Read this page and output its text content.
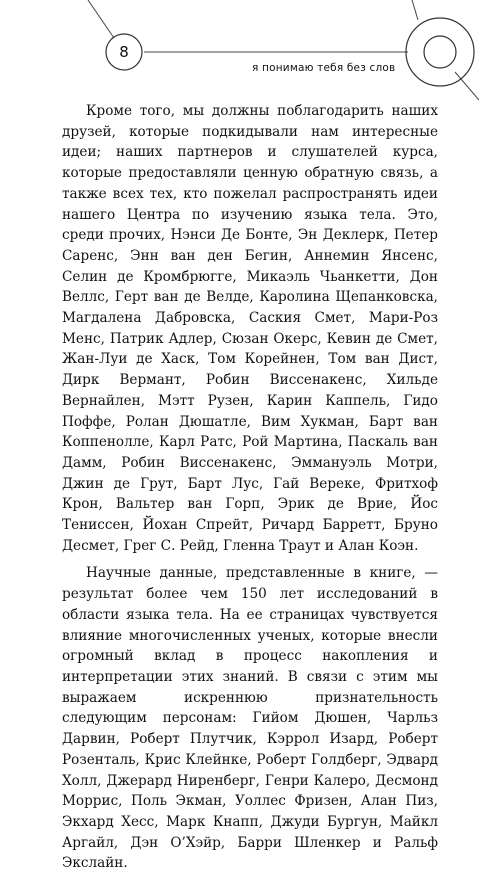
8
я понимаю тебя без слов

Кроме того, мы должны поблагодарить наших друзей, которые подкидывали нам интересные идеи; наших партнеров и слушателей курса, которые предоставляли ценную обратную связь, а также всех тех, кто пожелал распространять идеи нашего Центра по изучению языка тела. Это, среди прочих, Нэнси Де Бонте, Эн Деклерк, Петер Саренс, Энн ван ден Бегин, Аннемин Янсенс, Селин де Кромбрюгге, Микаэль Чьанкетти, Дон Веллс, Герт ван де Велде, Каролина Щепанковска, Магдалена Дабровска, Саския Смет, Мари-Роз Менс, Патрик Адлер, Сюзан Окерс, Кевин де Смет, Жан-Луи де Хаск, Том Корейнен, Том ван Дист, Дирк Вермант, Робин Виссенакенс, Хильде Вернайлен, Мэтт Рузен, Карин Каппель, Гидо Поффе, Ролан Дюшатле, Вим Хукман, Барт ван Коппенолле, Карл Ратс, Рой Мартина, Паскаль ван Дамм, Робин Виссенакенс, Эммануэль Мотри, Джин де Грут, Барт Лус, Гай Вереке, Фритхоф Крон, Вальтер ван Горп, Эрик де Врие, Йос Тениссен, Йохан Спрейт, Ричард Барретт, Бруно Десмет, Грег С. Рейд, Гленна Траут и Алан Коэн.

Научные данные, представленные в книге, — результат более чем 150 лет исследований в области языка тела. На ее страницах чувствуется влияние многочисленных ученых, которые внесли огромный вклад в процесс накопления и интерпретации этих знаний. В связи с этим мы выражаем искреннюю признательность следующим персонам: Гийом Дюшен, Чарльз Дарвин, Роберт Плутчик, Кэррол Изард, Роберт Розенталь, Крис Клейнке, Роберт Голдберг, Эдвард Холл, Джерард Ниренберг, Генри Калеро, Десмонд Моррис, Поль Экман, Уоллес Фризен, Алан Пиз, Экхард Хесс, Марк Кнапп, Джуди Бургун, Майкл Аргайл, Дэн О’Хэйр, Барри Шленкер и Ральф Экслайн.
